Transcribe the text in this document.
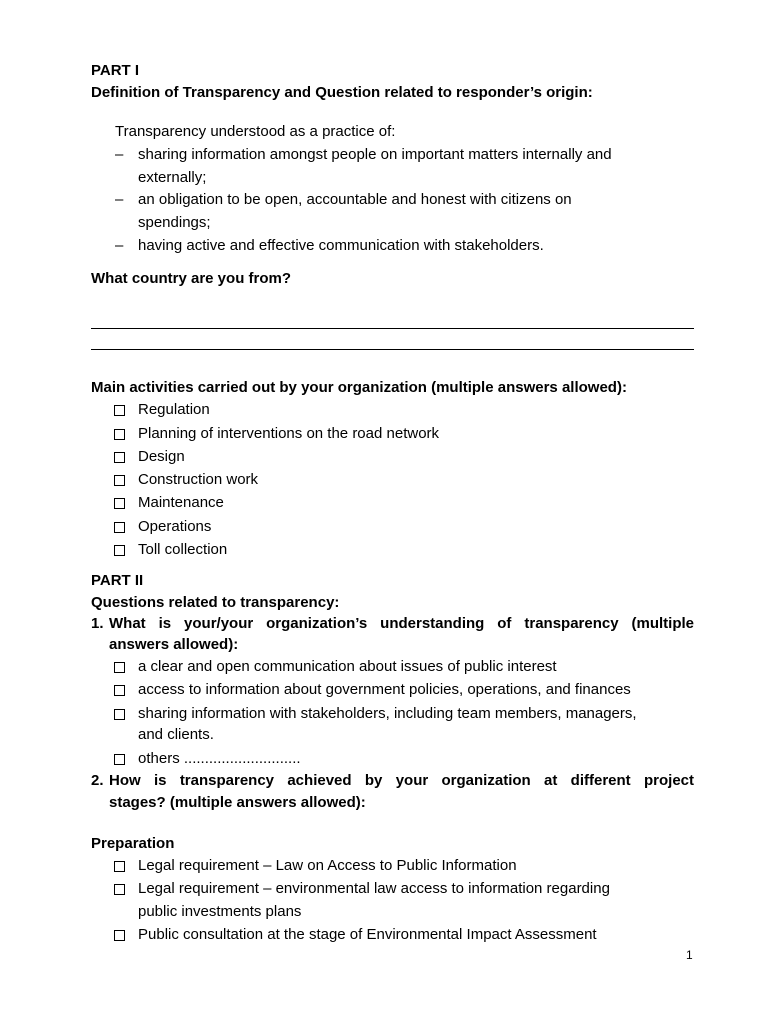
PART I
Definition of Transparency and Question related to responder’s origin:
Transparency understood as a practice of:
– sharing information amongst people on important matters internally and
externally;
– an obligation to be open, accountable and honest with citizens on
spendings;
– having active and effective communication with stakeholders.
What country are you from?
Main activities carried out by your organization (multiple answers allowed):
Regulation
Planning of interventions on the road network
Design
Construction work
Maintenance
Operations
Toll collection
PART II
Questions related to transparency:
1. What is your/your organization’s understanding of transparency (multiple
answers allowed):
a clear and open communication about issues of public interest
access to information about government policies, operations, and finances
sharing information with stakeholders, including team members, managers,
and clients.
others ............................
2. How is transparency achieved by your organization at different project
stages? (multiple answers allowed):
Preparation
Legal requirement – Law on Access to Public Information
Legal requirement – environmental law access to information regarding
public investments plans
Public consultation at the stage of Environmental Impact Assessment
1
